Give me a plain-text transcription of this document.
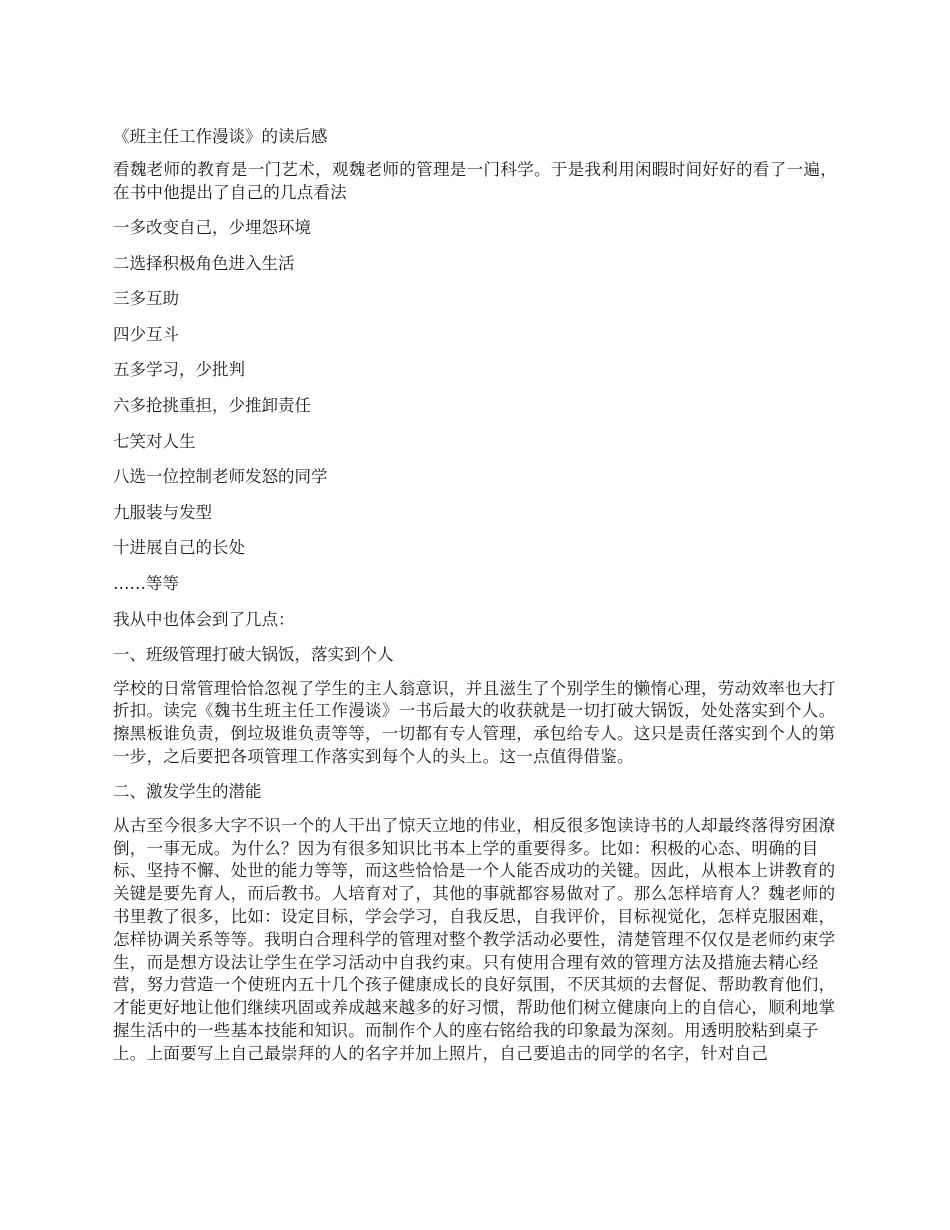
《班主任工作漫谈》的读后感
看魏老师的教育是一门艺术，观魏老师的管理是一门科学。于是我利用闲暇时间好好的看了一遍，在书中他提出了自己的几点看法
一多改变自己，少埋怨环境
二选择积极角色进入生活
三多互助
四少互斗
五多学习，少批判
六多抢挑重担，少推卸责任
七笑对人生
八选一位控制老师发怒的同学
九服装与发型
十进展自己的长处
……等等
我从中也体会到了几点：
一、班级管理打破大锅饭，落实到个人
学校的日常管理恰恰忽视了学生的主人翁意识，并且滋生了个别学生的懒惰心理，劳动效率也大打折扣。读完《魏书生班主任工作漫谈》一书后最大的收获就是一切打破大锅饭，处处落实到个人。擦黑板谁负责，倒垃圾谁负责等等，一切都有专人管理，承包给专人。这只是责任落实到个人的第一步，之后要把各项管理工作落实到每个人的头上。这一点值得借鉴。
二、激发学生的潜能
从古至今很多大字不识一个的人干出了惊天立地的伟业，相反很多饱读诗书的人却最终落得穷困潦倒，一事无成。为什么？因为有很多知识比书本上学的重要得多。比如：积极的心态、明确的目标、坚持不懈、处世的能力等等，而这些恰恰是一个人能否成功的关键。因此，从根本上讲教育的关键是要先育人，而后教书。人培育对了，其他的事就都容易做对了。那么怎样培育人？魏老师的书里教了很多，比如：设定目标，学会学习，自我反思，自我评价，目标视觉化，怎样克服困难，怎样协调关系等等。我明白合理科学的管理对整个教学活动必要性，清楚管理不仅仅是老师约束学生，而是想方设法让学生在学习活动中自我约束。只有使用合理有效的管理方法及措施去精心经营，努力营造一个使班内五十几个孩子健康成长的良好氛围，不厌其烦的去督促、帮助教育他们，才能更好地让他们继续巩固或养成越来越多的好习惯，帮助他们树立健康向上的自信心，顺利地掌握生活中的一些基本技能和知识。而制作个人的座右铭给我的印象最为深刻。用透明胶粘到桌子上。上面要写上自己最崇拜的人的名字并加上照片，自己要追击的同学的名字，针对自己
